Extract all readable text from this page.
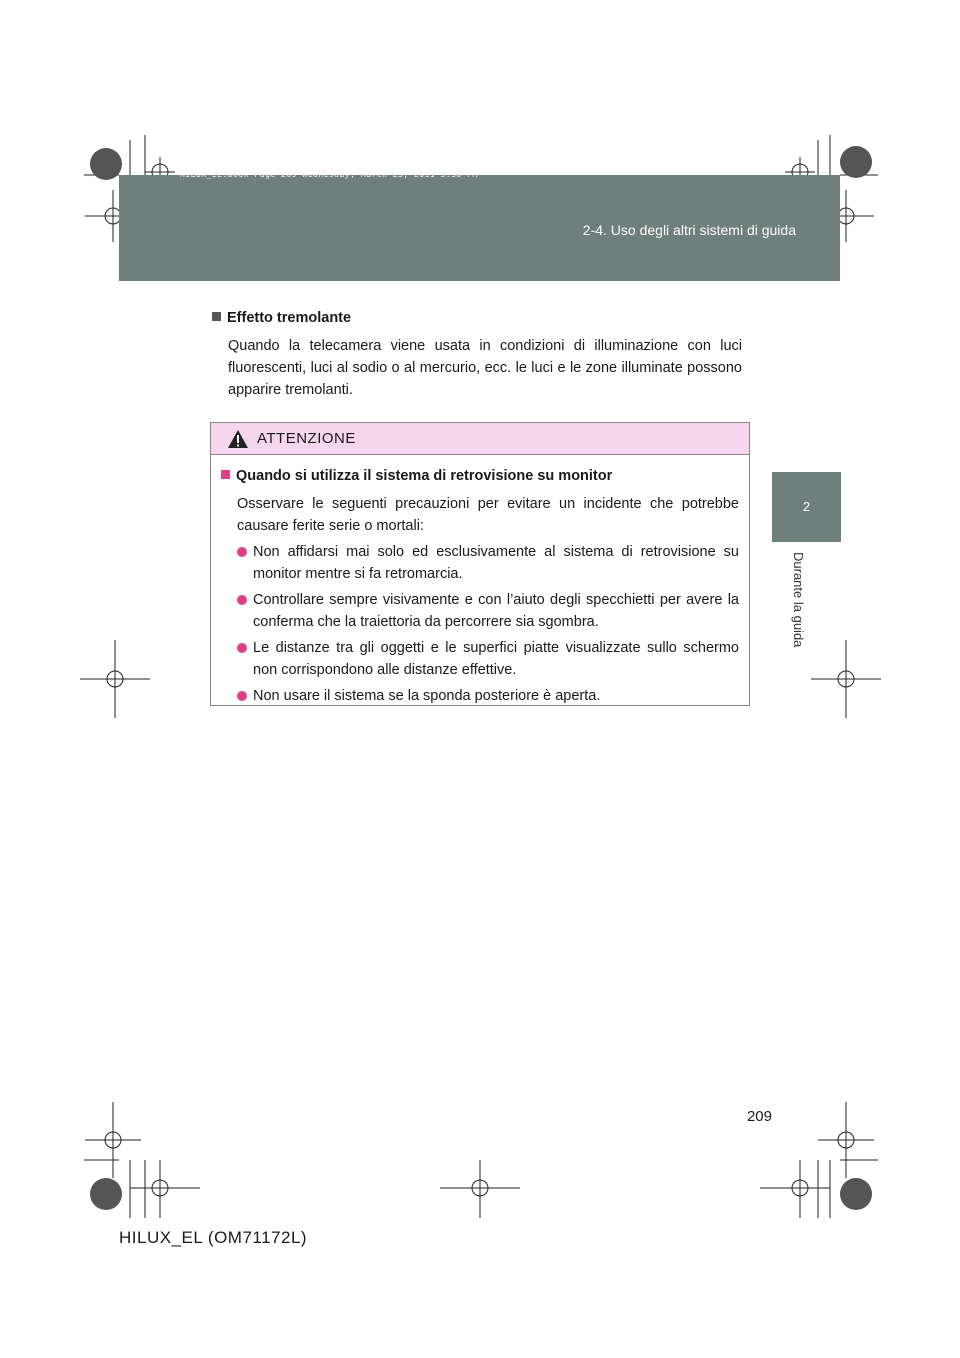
HILUX_EL.book Page 209 Wednesday, March 23, 2011 3:30 PM
2-4. Uso degli altri sistemi di guida
2
Durante la guida
Effetto tremolante
Quando la telecamera viene usata in condizioni di illuminazione con luci fluorescenti, luci al sodio o al mercurio, ecc. le luci e le zone illuminate possono apparire tremolanti.
ATTENZIONE
Quando si utilizza il sistema di retrovisione su monitor
Osservare le seguenti precauzioni per evitare un incidente che potrebbe causare ferite serie o mortali:
Non affidarsi mai solo ed esclusivamente al sistema di retrovisione su monitor mentre si fa retromarcia.
Controllare sempre visivamente e con l’aiuto degli specchietti per avere la conferma che la traiettoria da percorrere sia sgombra.
Le distanze tra gli oggetti e le superfici piatte visualizzate sullo schermo non corrispondono alle distanze effettive.
Non usare il sistema se la sponda posteriore è aperta.
209
HILUX_EL (OM71172L)
